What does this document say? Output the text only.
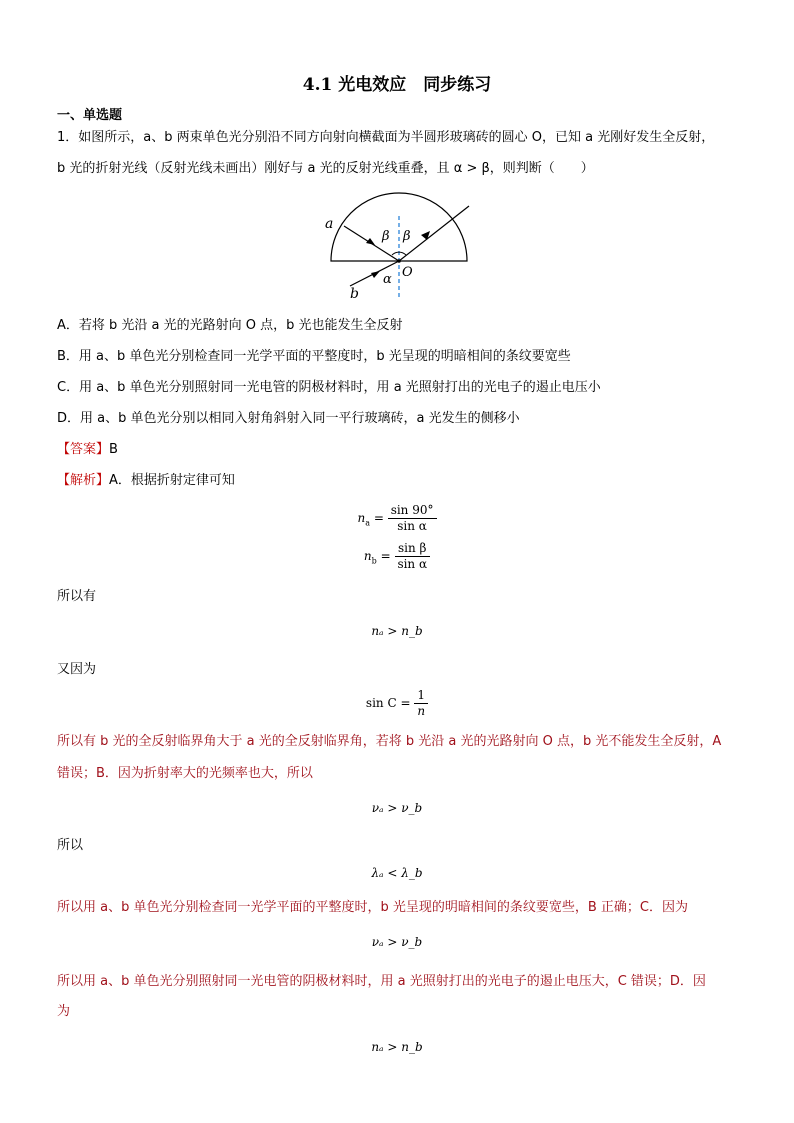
4.1 光电效应　同步练习
一、单选题
1．如图所示，a、b 两束单色光分别沿不同方向射向横截面为半圆形玻璃砖的圆心 O，已知 a 光刚好发生全反射，
b 光的折射光线（反射光线未画出）刚好与 a 光的反射光线重叠，且 α > β，则判断（　　）
a
b
O
β β
α
A．若将 b 光沿 a 光的光路射向 O 点，b 光也能发生全反射
B．用 a、b 单色光分别检查同一光学平面的平整度时，b 光呈现的明暗相间的条纹要宽些
C．用 a、b 单色光分别照射同一光电管的阴极材料时，用 a 光照射打出的光电子的遏止电压小
D．用 a、b 单色光分别以相同入射角斜射入同一平行玻璃砖，a 光发生的侧移小
【答案】B
【解析】A．根据折射定律可知
$n_a = \frac{\sin 90^\circ}{\text{sin α}}$
$n_b = \frac{\text{sin β}}{\text{sin α}}$
所以有
nₐ > n_b
又因为
$\sin C = \frac{1}{n}$
所以有 b 光的全反射临界角大于 a 光的全反射临界角，若将 b 光沿 a 光的光路射向 O 点，b 光不能发生全反射，A
错误；B．因为折射率大的光频率也大，所以
νₐ > ν_b
所以
λₐ < λ_b
所以用 a、b 单色光分别检查同一光学平面的平整度时，b 光呈现的明暗相间的条纹要宽些，B 正确；C．因为
νₐ > ν_b
所以用 a、b 单色光分别照射同一光电管的阴极材料时，用 a 光照射打出的光电子的遏止电压大，C 错误；D．因
为
nₐ > n_b
